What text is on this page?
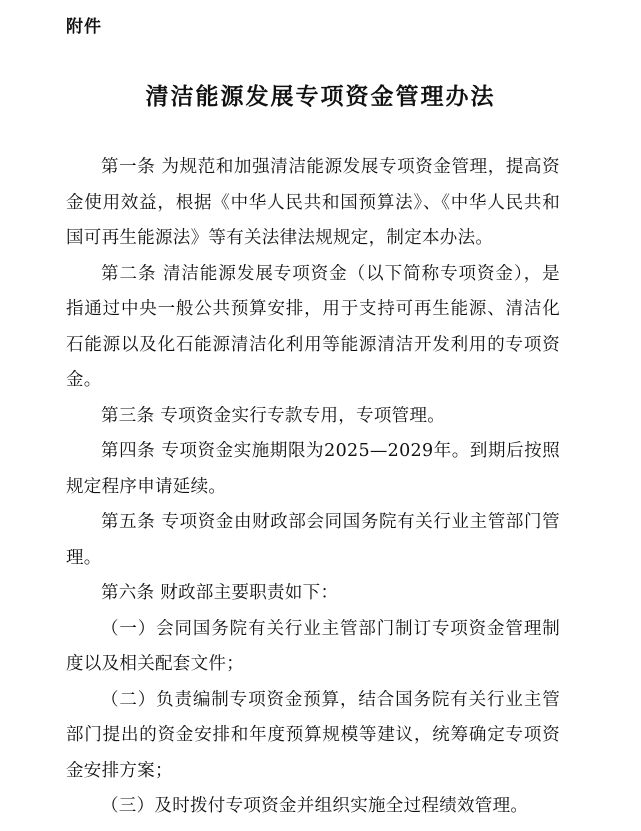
附件
清洁能源发展专项资金管理办法

第一条 为规范和加强清洁能源发展专项资金管理，提高资金使用效益，根据《中华人民共和国预算法》、《中华人民共和国可再生能源法》等有关法律法规规定，制定本办法。

第二条 清洁能源发展专项资金（以下简称专项资金），是指通过中央一般公共预算安排，用于支持可再生能源、清洁化石能源以及化石能源清洁化利用等能源清洁开发利用的专项资金。

第三条 专项资金实行专款专用，专项管理。

第四条 专项资金实施期限为2025—2029年。到期后按照规定程序申请延续。

第五条 专项资金由财政部会同国务院有关行业主管部门管理。

第六条 财政部主要职责如下：

（一）会同国务院有关行业主管部门制订专项资金管理制度以及相关配套文件；

（二）负责编制专项资金预算，结合国务院有关行业主管部门提出的资金安排和年度预算规模等建议，统筹确定专项资金安排方案；

（三）及时拨付专项资金并组织实施全过程绩效管理。
